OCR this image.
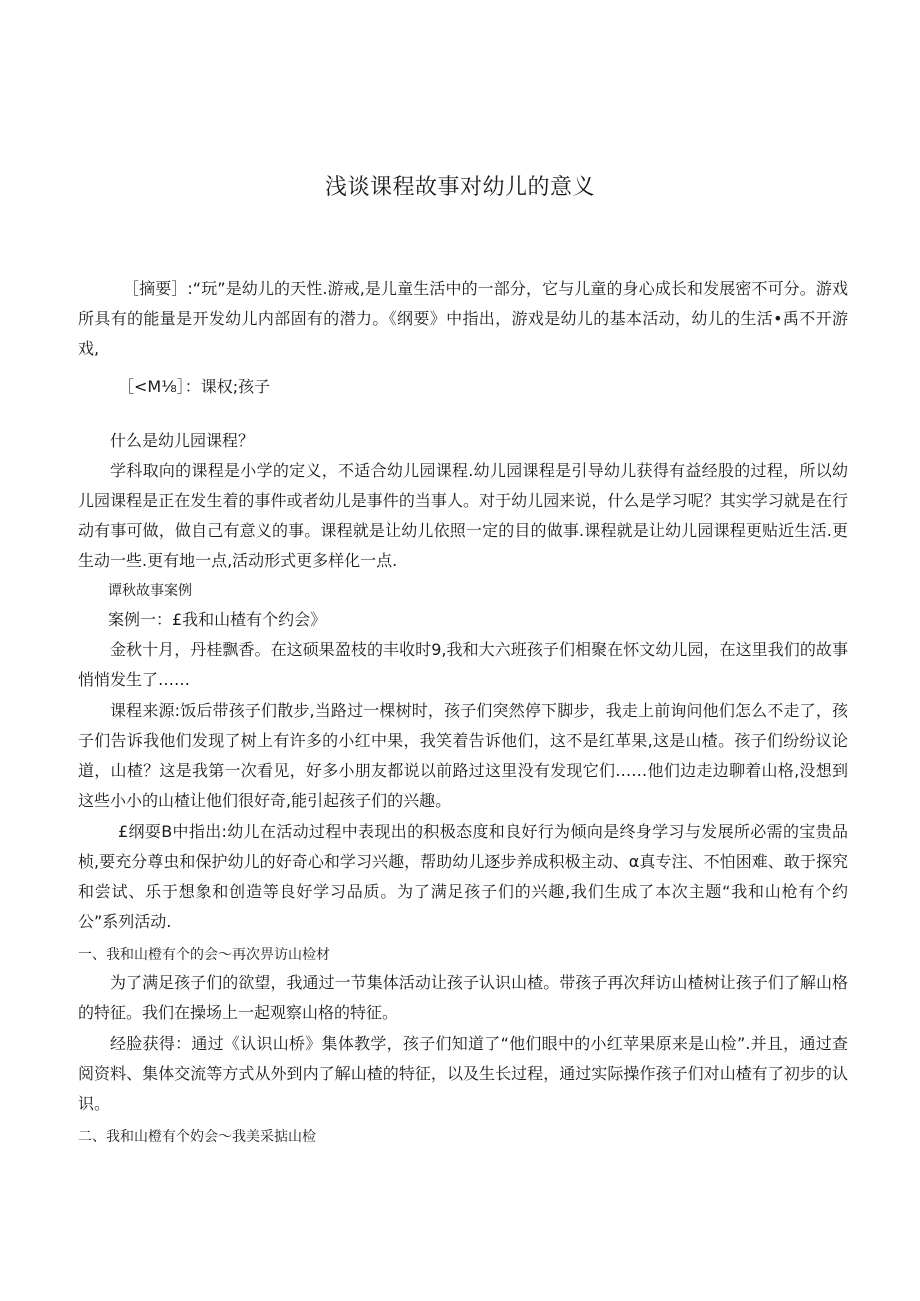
浅谈课程故事对幼儿的意义

［摘要］:“玩”是幼儿的天性.游戒,是儿童生活中的一部分，它与儿童的身心成长和发展密不可分。游戏所具有的能量是开发幼儿内部固有的潜力。《纲要》中指出，游戏是幼儿的基本活动，幼儿的生活•禹不开游戏,

［<M⅛］：课权;孩子

什么是幼儿园课程？

学科取向的课程是小学的定义，不适合幼儿园课程.幼儿园课程是引导幼儿获得有益经股的过程，所以幼儿园课程是正在发生着的事件或者幼儿是事件的当事人。对于幼儿园来说，什么是学习呢？其实学习就是在行动有事可做，做自己有意义的事。课程就是让幼儿依照一定的目的做事.课程就是让幼儿园课程更贴近生活.更生动一些.更有地一点,活动形式更多样化一点.

谭秋故事案例

案例一：£我和山楂有个约会》

金秋十月，丹桂飘香。在这硕果盈枝的丰收时9,我和大六班孩子们相聚在怀文幼儿园，在这里我们的故事悄悄发生了……

课程来源:饭后带孩子们散步,当路过一棵树时，孩子们突然停下脚步，我走上前询问他们怎么不走了，孩子们告诉我他们发现了树上有许多的小红中果，我笑着告诉他们，这不是红革果,这是山楂。孩子们纷纷议论道，山楂？这是我第一次看见，好多小朋友都说以前路过这里没有发现它们……他们边走边聊着山格,没想到这些小小的山楂让他们很好奇,能引起孩子们的兴趣。

£纲耍B中指出:幼儿在活动过程中表现出的积极态度和良好行为倾向是终身学习与发展所必需的宝贵品桢,要充分尊虫和保护幼儿的好奇心和学习兴趣，帮助幼儿逐步养成积极主动、α真专注、不怕困难、敢于探究和尝试、乐于想象和创造等良好学习品质。为了满足孩子们的兴趣,我们生成了本次主题“我和山枪有个约公”系列活动.

一、我和山橙有个的会〜再次畀访山检材

为了满足孩子们的欲望，我通过一节集体活动让孩子认识山楂。带孩子再次拜访山楂树让孩子们了解山格的特征。我们在操场上一起观察山格的特征。

经脸获得：通过《认识山桥》集体教学，孩子们知道了“他们眼中的小红苹果原来是山检”.并且，通过查阅资料、集体交流等方式从外到内了解山楂的特征，以及生长过程，通过实际操作孩子们对山楂有了初步的认识。

二、我和山橙有个妁会〜我美采掂山检
